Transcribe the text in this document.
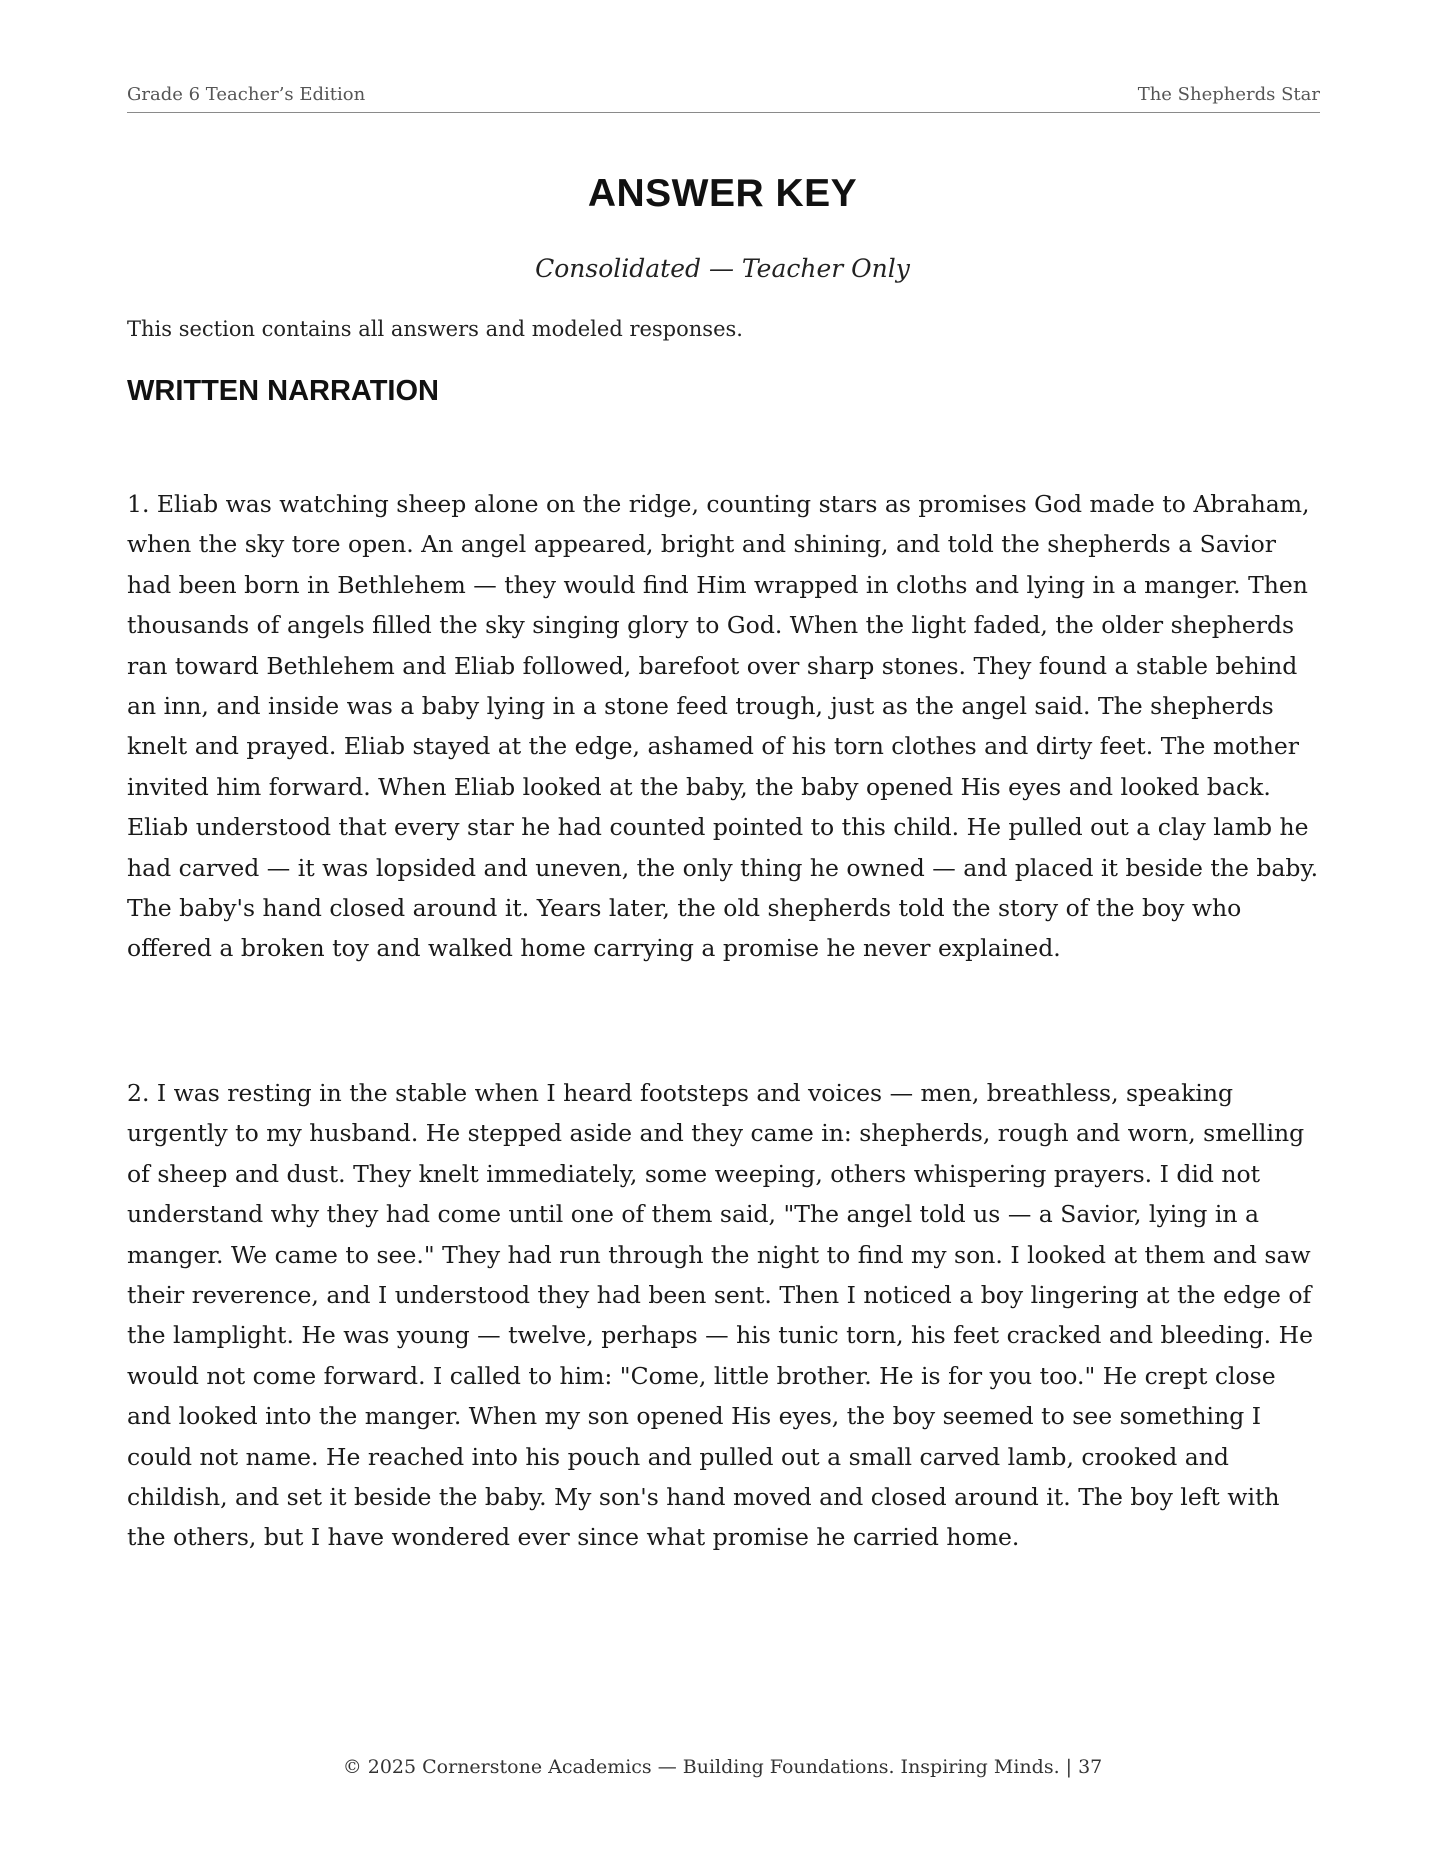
Grade 6 Teacher’s Edition	The Shepherds Star
ANSWER KEY
Consolidated — Teacher Only
This section contains all answers and modeled responses.
WRITTEN NARRATION

1. Eliab was watching sheep alone on the ridge, counting stars as promises God made to Abraham, when the sky tore open. An angel appeared, bright and shining, and told the shepherds a Savior had been born in Bethlehem — they would find Him wrapped in cloths and lying in a manger. Then thousands of angels filled the sky singing glory to God. When the light faded, the older shepherds ran toward Bethlehem and Eliab followed, barefoot over sharp stones. They found a stable behind an inn, and inside was a baby lying in a stone feed trough, just as the angel said. The shepherds knelt and prayed. Eliab stayed at the edge, ashamed of his torn clothes and dirty feet. The mother invited him forward. When Eliab looked at the baby, the baby opened His eyes and looked back. Eliab understood that every star he had counted pointed to this child. He pulled out a clay lamb he had carved — it was lopsided and uneven, the only thing he owned — and placed it beside the baby. The baby's hand closed around it. Years later, the old shepherds told the story of the boy who offered a broken toy and walked home carrying a promise he never explained.

2. I was resting in the stable when I heard footsteps and voices — men, breathless, speaking urgently to my husband. He stepped aside and they came in: shepherds, rough and worn, smelling of sheep and dust. They knelt immediately, some weeping, others whispering prayers. I did not understand why they had come until one of them said, "The angel told us — a Savior, lying in a manger. We came to see." They had run through the night to find my son. I looked at them and saw their reverence, and I understood they had been sent. Then I noticed a boy lingering at the edge of the lamplight. He was young — twelve, perhaps — his tunic torn, his feet cracked and bleeding. He would not come forward. I called to him: "Come, little brother. He is for you too." He crept close and looked into the manger. When my son opened His eyes, the boy seemed to see something I could not name. He reached into his pouch and pulled out a small carved lamb, crooked and childish, and set it beside the baby. My son's hand moved and closed around it. The boy left with the others, but I have wondered ever since what promise he carried home.

© 2025 Cornerstone Academics — Building Foundations. Inspiring Minds. | 37
